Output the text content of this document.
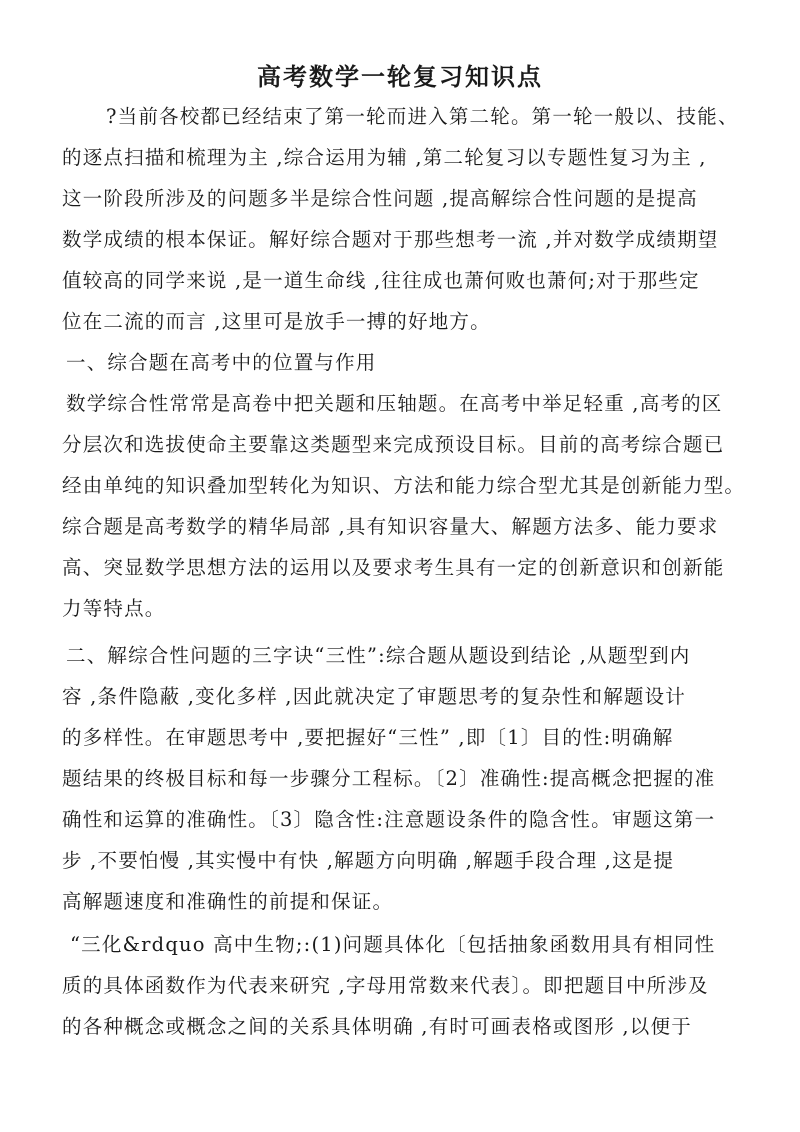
高考数学一轮复习知识点
?当前各校都已经结束了第一轮而进入第二轮。第一轮一般以、技能、
的逐点扫描和梳理为主 ,综合运用为辅 ,第二轮复习以专题性复习为主 ,
这一阶段所涉及的问题多半是综合性问题 ,提高解综合性问题的是提高
数学成绩的根本保证。解好综合题对于那些想考一流 ,并对数学成绩期望
值较高的同学来说 ,是一道生命线 ,往往成也萧何败也萧何;对于那些定
位在二流的而言 ,这里可是放手一搏的好地方。
一、综合题在高考中的位置与作用
数学综合性常常是高卷中把关题和压轴题。在高考中举足轻重 ,高考的区
分层次和选拔使命主要靠这类题型来完成预设目标。目前的高考综合题已
经由单纯的知识叠加型转化为知识、方法和能力综合型尤其是创新能力型。
综合题是高考数学的精华局部 ,具有知识容量大、解题方法多、能力要求
高、突显数学思想方法的运用以及要求考生具有一定的创新意识和创新能
力等特点。
二、解综合性问题的三字诀“三性”:综合题从题设到结论 ,从题型到内
容 ,条件隐蔽 ,变化多样 ,因此就决定了审题思考的复杂性和解题设计
的多样性。在审题思考中 ,要把握好“三性” ,即〔1〕目的性:明确解
题结果的终极目标和每一步骤分工程标。〔2〕准确性:提高概念把握的准
确性和运算的准确性。〔3〕隐含性:注意题设条件的隐含性。审题这第一
步 ,不要怕慢 ,其实慢中有快 ,解题方向明确 ,解题手段合理 ,这是提
高解题速度和准确性的前提和保证。
“三化&rdquo 高中生物;:(1)问题具体化〔包括抽象函数用具有相同性
质的具体函数作为代表来研究 ,字母用常数来代表〕。即把题目中所涉及
的各种概念或概念之间的关系具体明确 ,有时可画表格或图形 ,以便于
